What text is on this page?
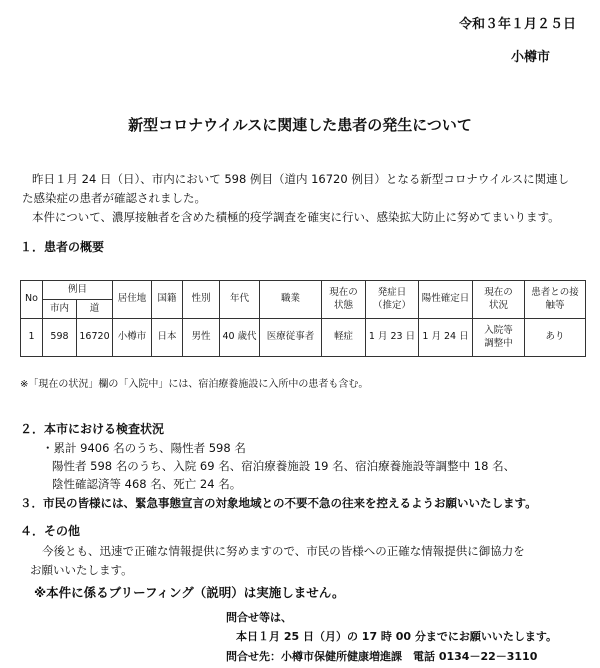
令和３年１月２５日
小樽市
新型コロナウイルスに関連した患者の発生について
昨日１月 24 日（日）、市内において 598 例目（道内 16720 例目）となる新型コロナウイルスに関連し
た感染症の患者が確認されました。
本件について、濃厚接触者を含めた積極的疫学調査を確実に行い、感染拡大防止に努めてまいります。
１．患者の概要
No	例目		居住地	国籍	性別	年代	職業	現在の状態	発症日（推定）	陽性確定日	現在の状況	患者との接触等
	市内	道										
1	598	16720	小樽市	日本	男性	40 歳代	医療従事者	軽症	1 月 23 日	1 月 24 日	入院等調整中	あり
※「現在の状況」欄の「入院中」には、宿泊療養施設に入所中の患者も含む。
２．本市における検査状況
・累計 9406 名のうち、陽性者 598 名
陽性者 598 名のうち、入院 69 名、宿泊療養施設 19 名、宿泊療養施設等調整中 18 名、
陰性確認済等 468 名、死亡 24 名。
３．市民の皆様には、緊急事態宣言の対象地域との不要不急の往来を控えるようお願いいたします。
４．その他
今後とも、迅速で正確な情報提供に努めますので、市民の皆様への正確な情報提供に御協力を
お願いいたします。
※本件に係るブリーフィング（説明）は実施しません。
問合せ等は、
本日１月 25 日（月）の 17 時 00 分までにお願いいたします。
問合せ先：小樽市保健所健康増進課　電話 0134－22－3110
